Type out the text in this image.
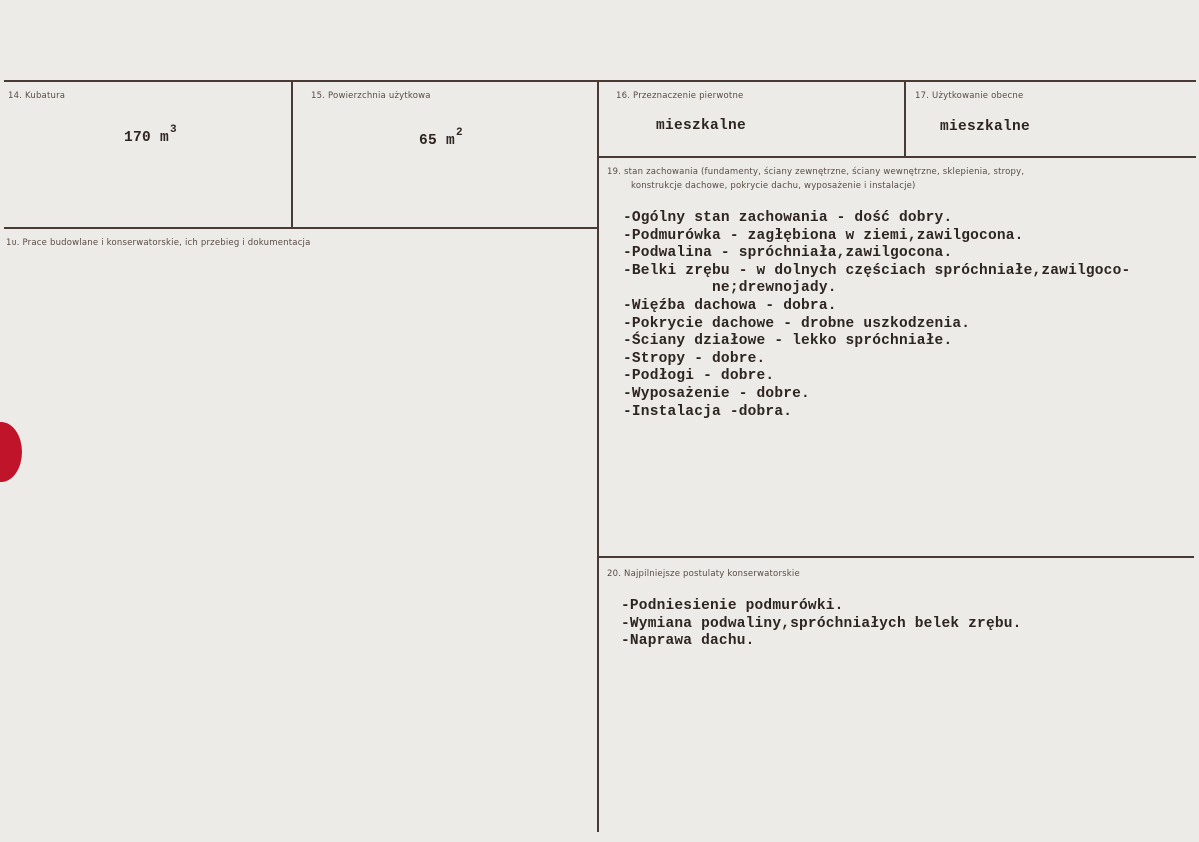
14. Kubatura

170 $m^3$

15. Powierzchnia użytkowa

65 $m^2$

16. Przeznaczenie pierwotne
mieszkalne
17. Użytkowanie obecne
mieszkalne
1ᴜ. Prace budowlane i konserwatorskie, ich przebieg i dokumentacja
19. stan zachowania (fundamenty, ściany zewnętrzne, ściany wewnętrzne, sklepienia, stropy,
konstrukcje dachowe, pokrycie dachu, wyposażenie i instalacje)
-Ogólny stan zachowania - dość dobry.
-Podmurówka - zagłębiona w ziemi,zawilgocona.
-Podwalina - spróchniała,zawilgocona.
-Belki zrębu - w dolnych częściach spróchniałe,zawilgoco-
ne;drewnojady.
-Więźba dachowa - dobra.
-Pokrycie dachowe - drobne uszkodzenia.
-Ściany działowe - lekko spróchniałe.
-Stropy - dobre.
-Podłogi - dobre.
-Wyposażenie - dobre.
-Instalacja -dobra.
20. Najpilniejsze postulaty konserwatorskie
-Podniesienie podmurówki.
-Wymiana podwaliny,spróchniałych belek zrębu.
-Naprawa dachu.
